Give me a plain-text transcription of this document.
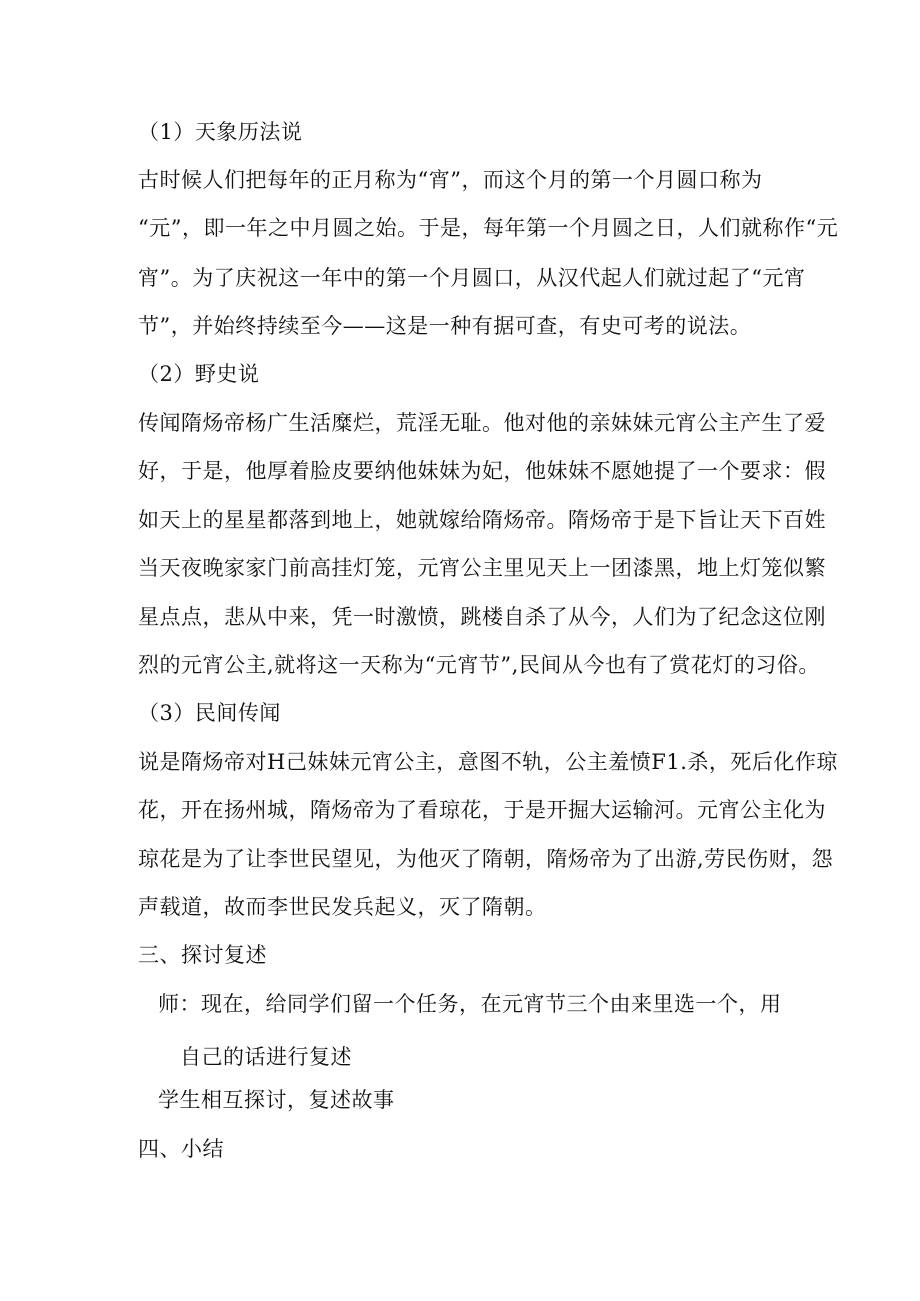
（1）天象历法说
古时候人们把每年的正月称为“宵”，而这个月的第一个月圆口称为
“元”，即一年之中月圆之始。于是，每年第一个月圆之日，人们就称作“元
宵”。为了庆祝这一年中的第一个月圆口，从汉代起人们就过起了“元宵
节”，并始终持续至今——这是一种有据可查，有史可考的说法。
（2）野史说
传闻隋炀帝杨广生活糜烂，荒淫无耻。他对他的亲妹妹元宵公主产生了爱
好，于是，他厚着脸皮要纳他妹妹为妃，他妹妹不愿她提了一个要求：假
如天上的星星都落到地上，她就嫁给隋炀帝。隋炀帝于是下旨让天下百姓
当天夜晚家家门前高挂灯笼，元宵公主里见天上一团漆黑，地上灯笼似繁
星点点，悲从中来，凭一时激愤，跳楼自杀了从今，人们为了纪念这位刚
烈的元宵公主,就将这一天称为“元宵节”,民间从今也有了赏花灯的习俗。
（3）民间传闻
说是隋炀帝对H己妹妹元宵公主，意图不轨，公主羞愤F1.杀，死后化作琼
花，开在扬州城，隋炀帝为了看琼花，于是开掘大运输河。元宵公主化为
琼花是为了让李世民望见，为他灭了隋朝，隋炀帝为了出游,劳民伤财，怨
声载道，故而李世民发兵起义，灭了隋朝。
三、探讨复述
师：现在，给同学们留一个任务，在元宵节三个由来里选一个，用
自己的话进行复述
学生相互探讨，复述故事
四、小结
